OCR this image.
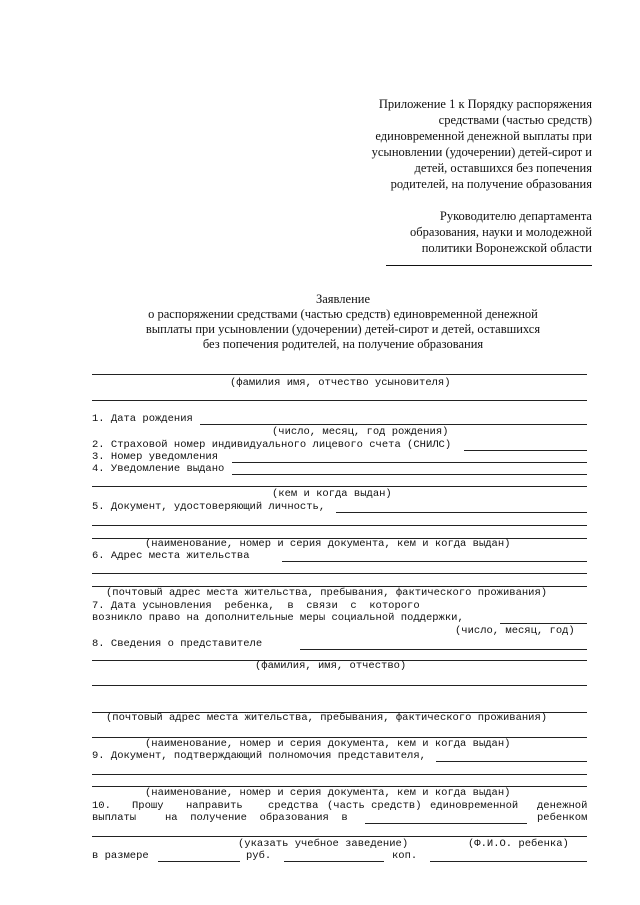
Приложение 1 к Порядку распоряжения
средствами (частью средств)
единовременной денежной выплаты при
усыновлении (удочерении) детей-сирот и
детей, оставшихся без попечения
родителей, на получение образования
Руководителю департамента
образования, науки и молодежной
политики Воронежской области
Заявление
о распоряжении средствами (частью средств) единовременной денежной
выплаты при усыновлении (удочерении) детей-сирот и детей, оставшихся
без попечения родителей, на получение образования
(фамилия имя, отчество усыновителя)
1. Дата рождения
(число, месяц, год рождения)
2. Страховой номер индивидуального лицевого счета (СНИЛС)
3. Номер уведомления
4. Уведомление выдано
(кем и когда выдан)
5. Документ, удостоверяющий личность,
(наименование, номер и серия документа, кем и когда выдан)
6. Адрес места жительства
(почтовый адрес места жительства, пребывания, фактического проживания)
7. Дата усыновления  ребенка,  в  связи  с  которого
возникло право на дополнительные меры социальной поддержки,
(число, месяц, год)
8. Сведения о представителе
(фамилия, имя, отчество)
(почтовый адрес места жительства, пребывания, фактического проживания)
(наименование, номер и серия документа, кем и когда выдан)
9. Документ, подтверждающий полномочия представителя,
(наименование, номер и серия документа, кем и когда выдан)
10. Прошу направить средства (часть средств) единовременной денежной
выплаты	на  получение  образования  в	ребенком
(указать учебное заведение)	(Ф.И.О. ребенка)
в размере	руб.	коп.
